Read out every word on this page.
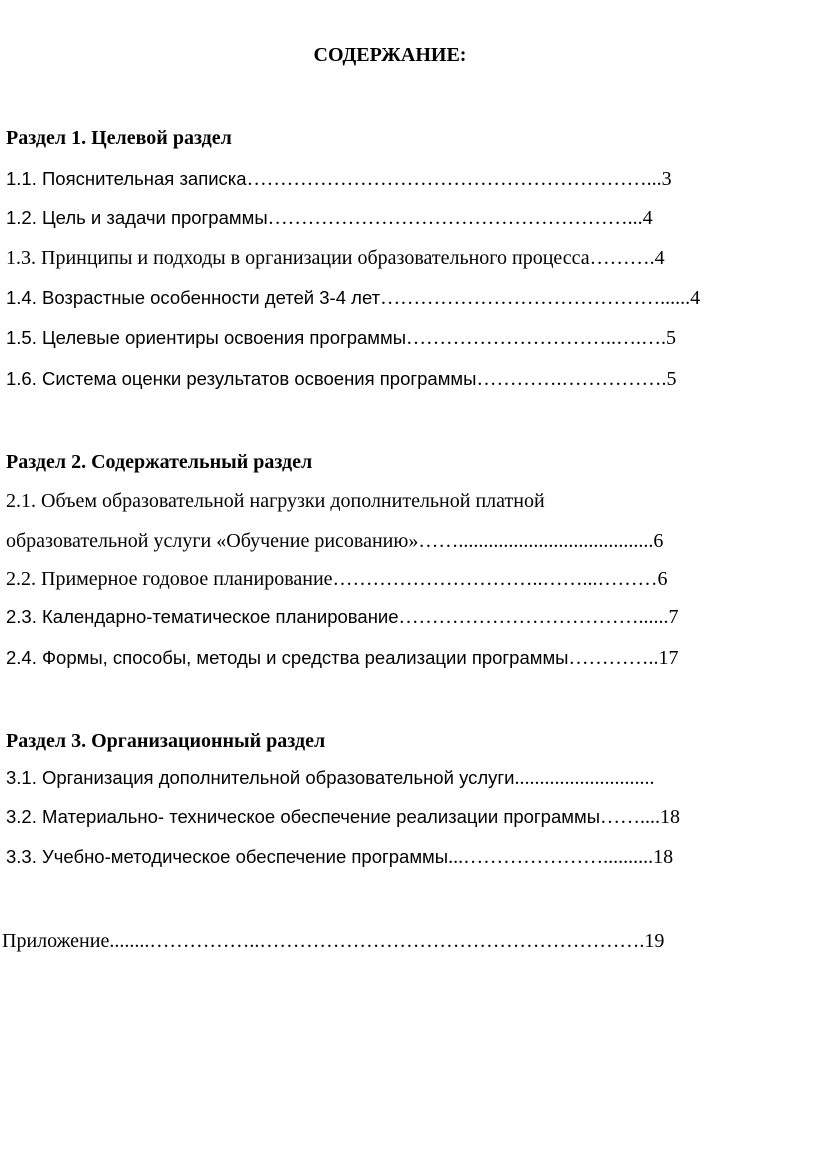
СОДЕРЖАНИЕ:
Раздел 1. Целевой раздел
1.1. Пояснительная записка……………………………………………………...3
1.2. Цель и задачи программы………………………………………………...4
1.3. Принципы и подходы в организации образовательного процесса……….4
1.4. Возрастные особенности детей 3-4 лет……………………………………......4
1.5. Целевые ориентиры освоения программы…………………………..….….5
1.6. Система оценки результатов освоения программы………….…………….5
Раздел 2. Содержательный раздел
2.1. Объем образовательной нагрузки дополнительной платной
образовательной услуги «Обучение рисованию»…….......................................6
2.2. Примерное годовое планирование…………………………..……...………6
2.3. Календарно-тематическое планирование………………………………......7
2.4. Формы, способы, методы и средства реализации программы…………..17
Раздел 3. Организационный раздел
3.1. Организация дополнительной образовательной услуги............................
3.2. Материально- техническое обеспечение реализации программы……....18
3.3. Учебно-методическое обеспечение программы...…………………..........18
Приложение........……………..………………………………………………….19
